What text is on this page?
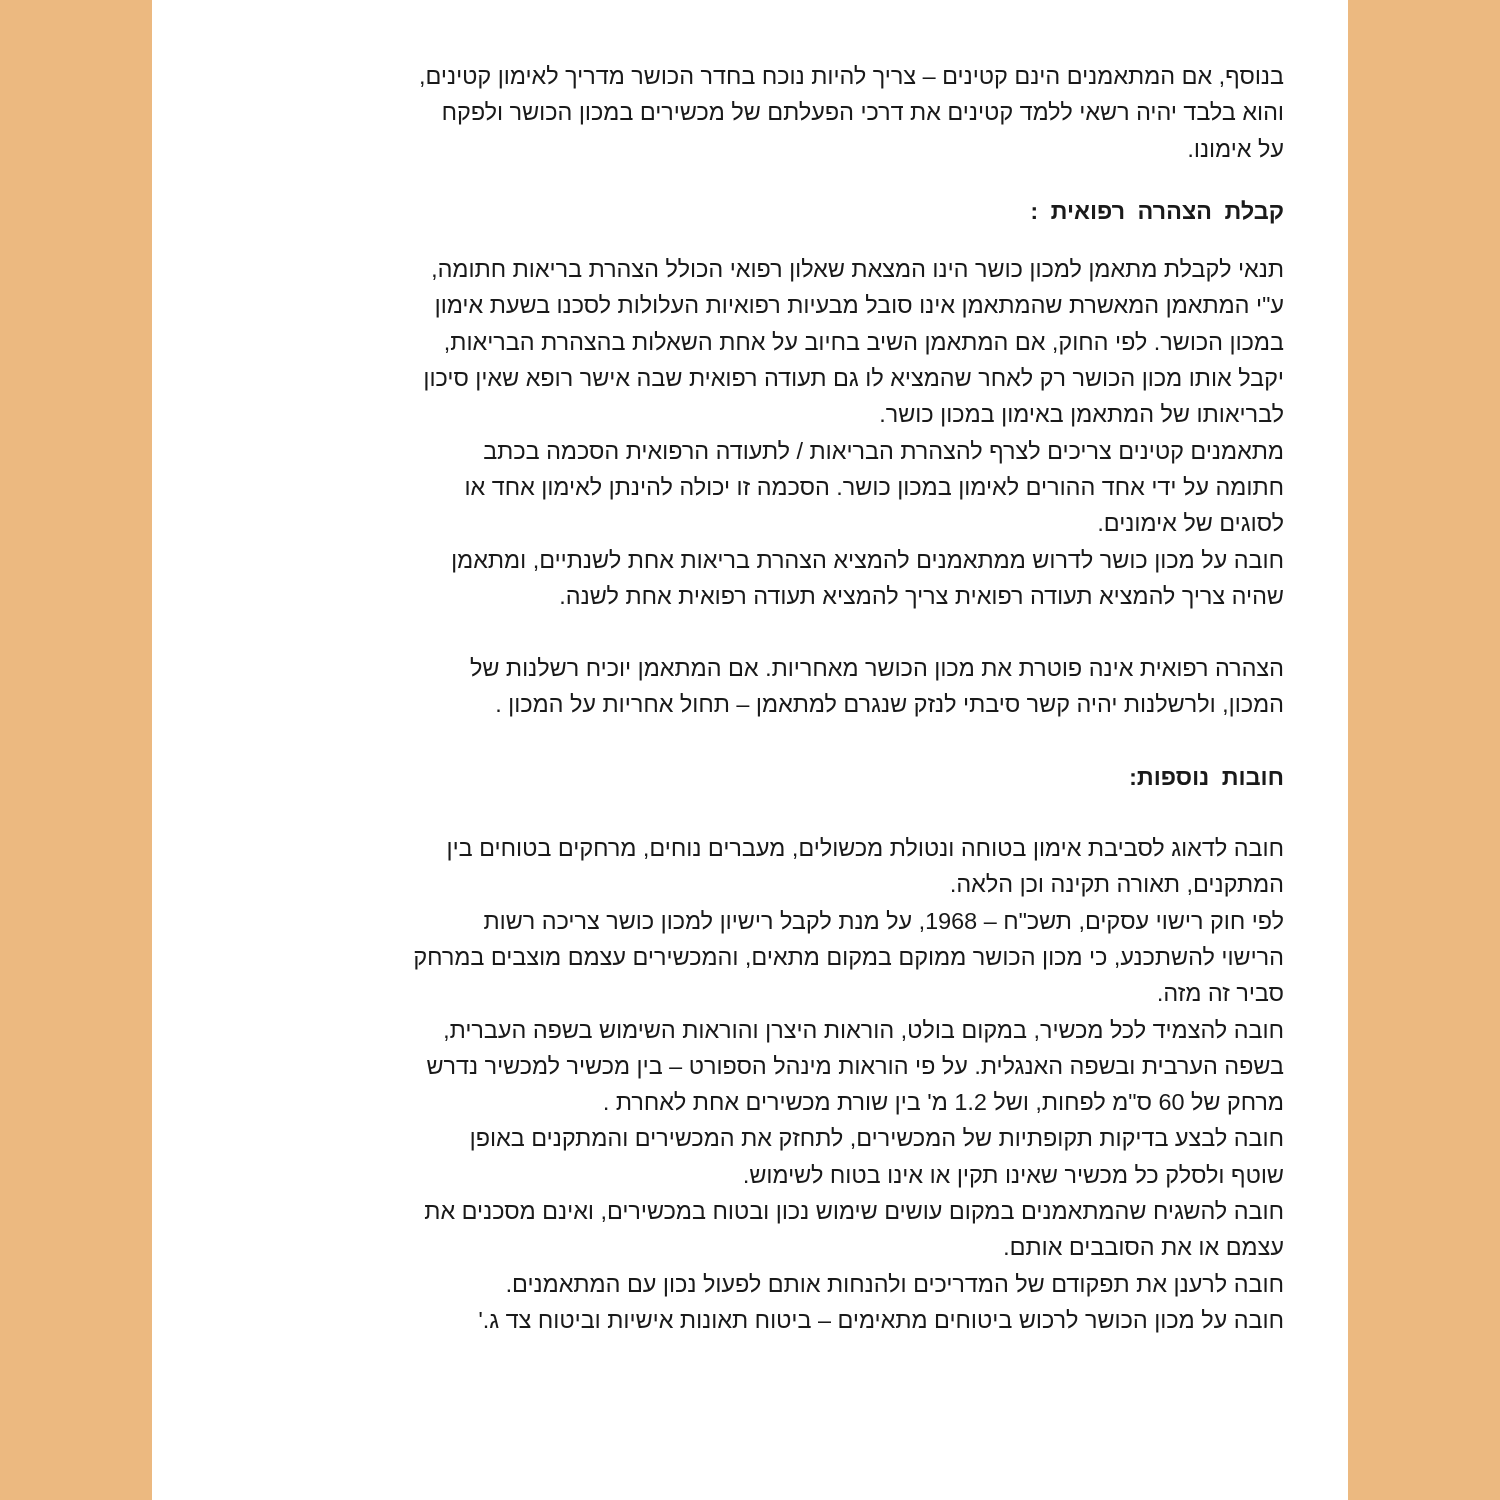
בנוסף, אם המתאמנים הינם קטינים – צריך להיות נוכח בחדר הכושר מדריך לאימון קטינים,
והוא בלבד יהיה רשאי ללמד קטינים את דרכי הפעלתם של מכשירים במכון הכושר ולפקח
על אימונו.
קבלת הצהרה רפואית :
תנאי לקבלת מתאמן למכון כושר הינו המצאת שאלון רפואי הכולל הצהרת בריאות חתומה,
ע"י המתאמן המאשרת שהמתאמן אינו סובל מבעיות רפואיות העלולות לסכנו בשעת אימון
במכון הכושר. לפי החוק, אם המתאמן השיב בחיוב על אחת השאלות בהצהרת הבריאות,
יקבל אותו מכון הכושר רק לאחר שהמציא לו גם תעודה רפואית שבה אישר רופא שאין סיכון
לבריאותו של המתאמן באימון במכון כושר.
מתאמנים קטינים צריכים לצרף להצהרת הבריאות / לתעודה הרפואית הסכמה בכתב
חתומה על ידי אחד ההורים לאימון במכון כושר. הסכמה זו יכולה להינתן לאימון אחד או
לסוגים של אימונים.
חובה על מכון כושר לדרוש ממתאמנים להמציא הצהרת בריאות אחת לשנתיים, ומתאמן
שהיה צריך להמציא תעודה רפואית צריך להמציא תעודה רפואית אחת לשנה.
הצהרה רפואית אינה פוטרת את מכון הכושר מאחריות. אם המתאמן יוכיח רשלנות של
המכון, ולרשלנות יהיה קשר סיבתי לנזק שנגרם למתאמן – תחול אחריות על המכון .
חובות נוספות:
חובה לדאוג לסביבת אימון בטוחה ונטולת מכשולים, מעברים נוחים, מרחקים בטוחים בין
המתקנים, תאורה תקינה וכן הלאה.
לפי חוק רישוי עסקים, תשכ"ח – 1968, על מנת לקבל רישיון למכון כושר צריכה רשות
הרישוי להשתכנע, כי מכון הכושר ממוקם במקום מתאים, והמכשירים עצמם מוצבים במרחק
סביר זה מזה.
חובה להצמיד לכל מכשיר, במקום בולט, הוראות היצרן והוראות השימוש בשפה העברית,
בשפה הערבית ובשפה האנגלית. על פי הוראות מינהל הספורט – בין מכשיר למכשיר נדרש
מרחק של 60 ס"מ לפחות, ושל 1.2 מ' בין שורת מכשירים אחת לאחרת .
חובה לבצע בדיקות תקופתיות של המכשירים, לתחזק את המכשירים והמתקנים באופן
שוטף ולסלק כל מכשיר שאינו תקין או אינו בטוח לשימוש.
חובה להשגיח שהמתאמנים במקום עושים שימוש נכון ובטוח במכשירים, ואינם מסכנים את
עצמם או את הסובבים אותם.
חובה לרענן את תפקודם של המדריכים ולהנחות אותם לפעול נכון עם המתאמנים.
חובה על מכון הכושר לרכוש ביטוחים מתאימים – ביטוח תאונות אישיות וביטוח צד ג.'
